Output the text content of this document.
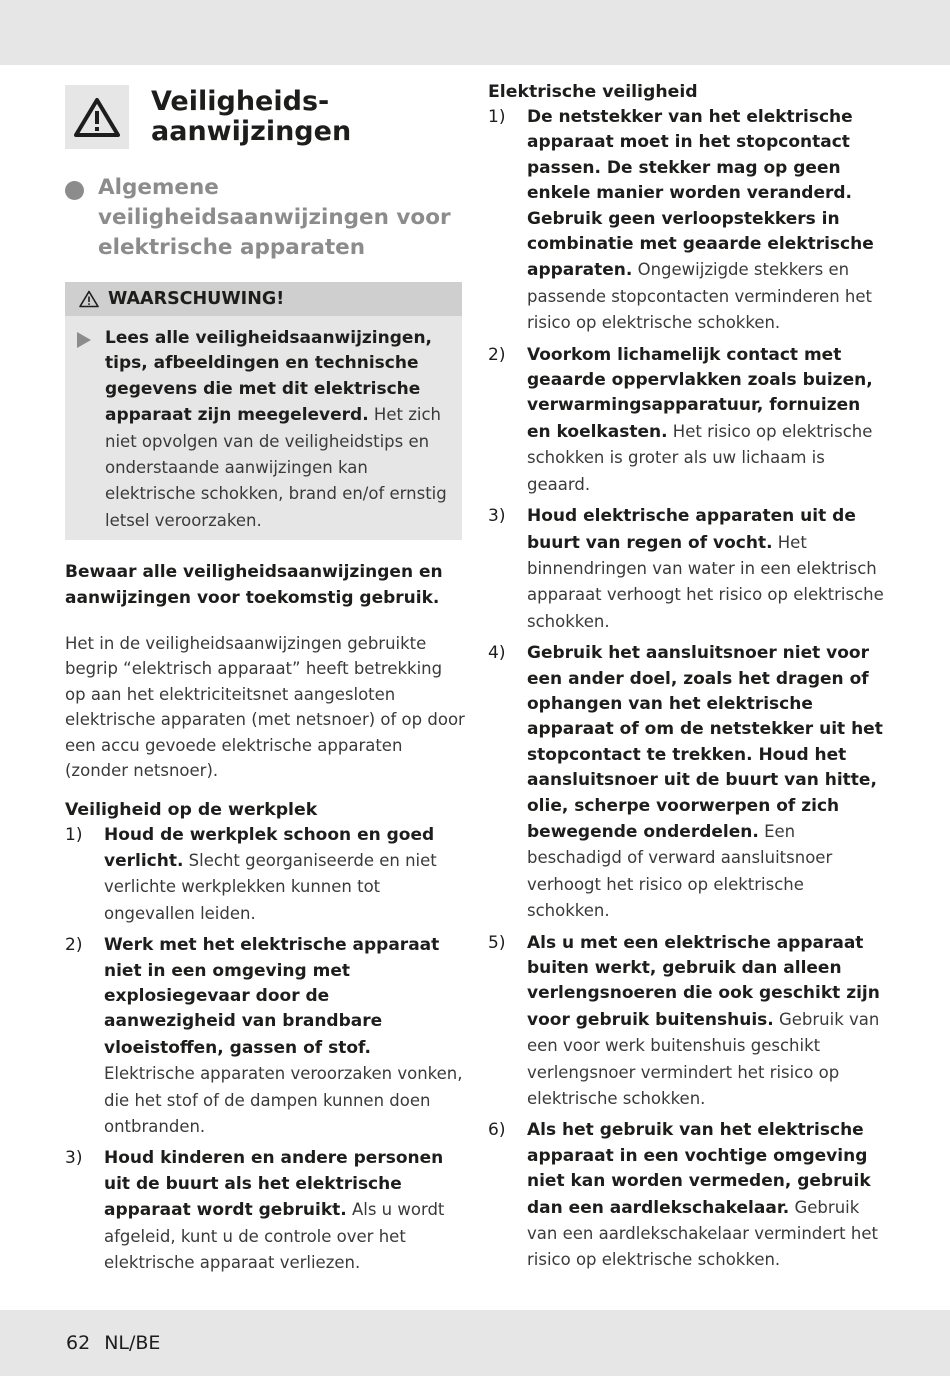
Veiligheids-
aanwijzingen
Algemene
veiligheidsaanwijzingen voor
elektrische apparaten
WAARSCHUWING!
Lees alle veiligheidsaanwijzingen, tips, afbeeldingen en technische gegevens die met dit elektrische apparaat zijn meegeleverd. Het zich niet opvolgen van de veiligheidstips en onderstaande aanwijzingen kan elektrische schokken, brand en/of ernstig letsel veroorzaken.
Bewaar alle veiligheidsaanwijzingen en aanwijzingen voor toekomstig gebruik.
Het in de veiligheidsaanwijzingen gebruikte begrip “elektrisch apparaat” heeft betrekking op aan het elektriciteitsnet aangesloten elektrische apparaten (met netsnoer) of op door een accu gevoede elektrische apparaten (zonder netsnoer).
Veiligheid op de werkplek
1)	Houd de werkplek schoon en goed verlicht. Slecht georganiseerde en niet verlichte werkplekken kunnen tot ongevallen leiden.
2)	Werk met het elektrische apparaat niet in een omgeving met explosiegevaar door de aanwezigheid van brandbare vloeistoffen, gassen of stof. Elektrische apparaten veroorzaken vonken, die het stof of de dampen kunnen doen ontbranden.
3)	Houd kinderen en andere personen uit de buurt als het elektrische apparaat wordt gebruikt. Als u wordt afgeleid, kunt u de controle over het elektrische apparaat verliezen.
Elektrische veiligheid
1)	De netstekker van het elektrische apparaat moet in het stopcontact passen. De stekker mag op geen enkele manier worden veranderd. Gebruik geen verloopstekkers in combinatie met geaarde elektrische apparaten. Ongewijzigde stekkers en passende stopcontacten verminderen het risico op elektrische schokken.
2)	Voorkom lichamelijk contact met geaarde oppervlakken zoals buizen, verwarmingsapparatuur, fornuizen en koelkasten. Het risico op elektrische schokken is groter als uw lichaam is geaard.
3)	Houd elektrische apparaten uit de buurt van regen of vocht. Het binnendringen van water in een elektrisch apparaat verhoogt het risico op elektrische schokken.
4)	Gebruik het aansluitsnoer niet voor een ander doel, zoals het dragen of ophangen van het elektrische apparaat of om de netstekker uit het stopcontact te trekken. Houd het aansluitsnoer uit de buurt van hitte, olie, scherpe voorwerpen of zich bewegende onderdelen. Een beschadigd of verward aansluitsnoer verhoogt het risico op elektrische schokken.
5)	Als u met een elektrische apparaat buiten werkt, gebruik dan alleen verlengsnoeren die ook geschikt zijn voor gebruik buitenshuis. Gebruik van een voor werk buitenshuis geschikt verlengsnoer vermindert het risico op elektrische schokken.
6)	Als het gebruik van het elektrische apparaat in een vochtige omgeving niet kan worden vermeden, gebruik dan een aardlekschakelaar. Gebruik van een aardlekschakelaar vermindert het risico op elektrische schokken.
62 NL/BE
